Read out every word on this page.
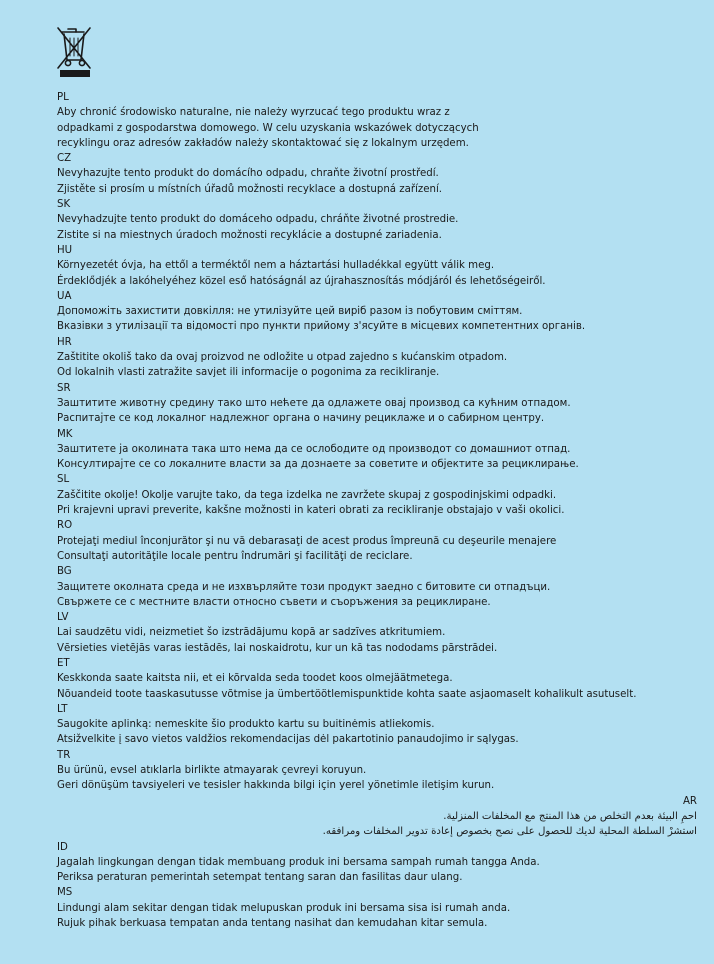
PL
Aby chronić środowisko naturalne, nie należy wyrzucać tego produktu wraz z
odpadkami z gospodarstwa domowego. W celu uzyskania wskazówek dotyczących
recyklingu oraz adresów zakładów należy skontaktować się z lokalnym urzędem.
CZ
Nevyhazujte tento produkt do domácího odpadu, chraňte životní prostředí.
Zjistěte si prosím u místních úřadů možnosti recyklace a dostupná zařízení.
SK
Nevyhadzujte tento produkt do domáceho odpadu, chráňte životné prostredie.
Zistite si na miestnych úradoch možnosti recyklácie a dostupné zariadenia.
HU
Környezetét óvja, ha ettől a terméktől nem a háztartási hulladékkal együtt válik meg.
Érdeklődjék a lakóhelyéhez közel eső hatóságnál az újrahasznosítás módjáról és lehetőségeiről.
UA
Допоможіть захистити довкілля: не утилізуйте цей виріб разом із побутовим сміттям.
Вказівки з утилізації та відомості про пункти прийому з'ясуйте в місцевих компетентних органів.
HR
Zaštitite okoliš tako da ovaj proizvod ne odložite u otpad zajedno s kućanskim otpadom.
Od lokalnih vlasti zatražite savjet ili informacije o pogonima za recikliranje.
SR
Заштитите животну средину тако што нећете да одлажете овај производ са кућним отпадом.
Распитајте се код локалног надлежног органа о начину рециклаже и о сабирном центру.
MK
Заштитете ја околината така што нема да се ослободите од производот со домашниот отпад.
Консултирајте се со локалните власти за да дознаете за советите и објектите за рециклирање.
SL
Zaščitite okolje! Okolje varujte tako, da tega izdelka ne zavržete skupaj z gospodinjskimi odpadki.
Pri krajevni upravi preverite, kakšne možnosti in kateri obrati za recikliranje obstajajo v vaši okolici.
RO
Protejaţi mediul înconjurător şi nu vă debarasaţi de acest produs împreună cu deşeurile menajere
Consultaţi autorităţile locale pentru îndrumări şi facilităţi de reciclare.
BG
Защитете околната среда и не изхвърляйте този продукт заедно с битовите си отпадъци.
Свържете се с местните власти относно съвети и съоръжения за рециклиране.
LV
Lai saudzētu vidi, neizmetiet šo izstrādājumu kopā ar sadzīves atkritumiem.
Vērsieties vietējās varas iestādēs, lai noskaidrotu, kur un kā tas nododams pārstrādei.
ET
Keskkonda saate kaitsta nii, et ei kõrvalda seda toodet koos olmejäätmetega.
Nõuandeid toote taaskasutusse võtmise ja ümbertöötlemispunktide kohta saate asjaomaselt kohalikult asutuselt.
LT
Saugokite aplinką: nemeskite šio produkto kartu su buitinėmis atliekomis.
Atsižvelkite į savo vietos valdžios rekomendacijas dėl pakartotinio panaudojimo ir sąlygas.
TR
Bu ürünü, evsel atıklarla birlikte atmayarak çevreyi koruyun.
Geri dönüşüm tavsiyeleri ve tesisler hakkında bilgi için yerel yönetimle iletişim kurun.
AR
احمِ البيئة بعدم التخلص من هذا المنتج مع المخلفات المنزلية.
استشرْ السلطة المحلية لديك للحصول على نصح بخصوص إعادة تدوير المخلفات ومرافقه.
ID
Jagalah lingkungan dengan tidak membuang produk ini bersama sampah rumah tangga Anda.
Periksa peraturan pemerintah setempat tentang saran dan fasilitas daur ulang.
MS
Lindungi alam sekitar dengan tidak melupuskan produk ini bersama sisa isi rumah anda.
Rujuk pihak berkuasa tempatan anda tentang nasihat dan kemudahan kitar semula.
